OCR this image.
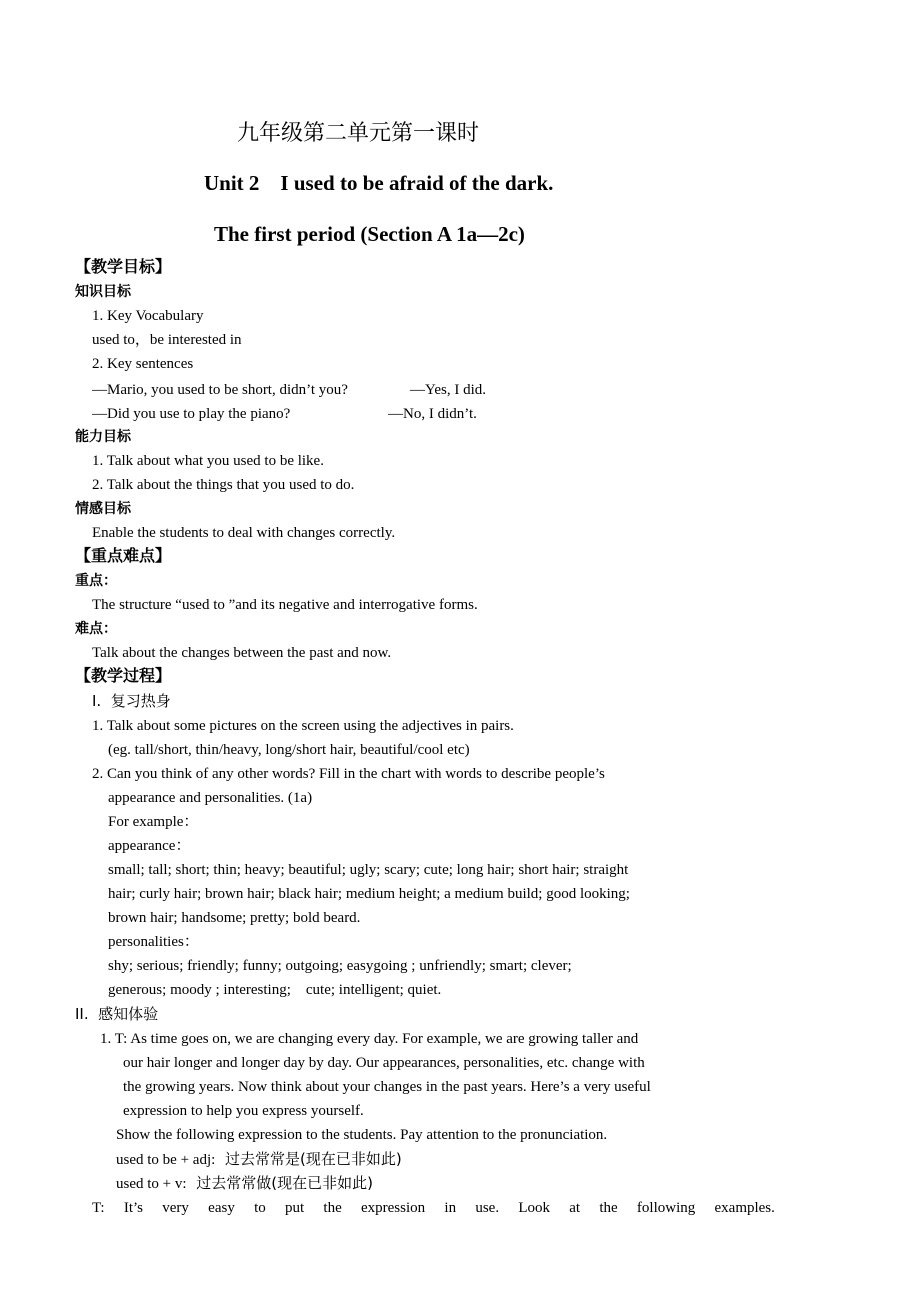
九年级第二单元第一课时
Unit 2    I used to be afraid of the dark.
The first period (Section A 1a—2c)
【教学目标】
知识目标
1. Key Vocabulary
used to，be interested in
2. Key sentences
—Mario, you used to be short, didn’t you?	—Yes, I did.
—Did you use to play the piano?	—No, I didn’t.
能力目标
1. Talk about what you used to be like.
2. Talk about the things that you used to do.
情感目标
Enable the students to deal with changes correctly.
【重点难点】
重点：
The structure “used to ”and its negative and interrogative forms.
难点：
Talk about the changes between the past and now.
【教学过程】
I.  复习热身
1. Talk about some pictures on the screen using the adjectives in pairs.
(eg. tall/short, thin/heavy, long/short hair, beautiful/cool etc)
2. Can you think of any other words? Fill in the chart with words to describe people’s
appearance and personalities. (1a)
For example：
appearance：
small; tall; short; thin; heavy; beautiful; ugly; scary; cute; long hair; short hair; straight
hair; curly hair; brown hair; black hair; medium height; a medium build; good looking;
brown hair; handsome; pretty; bold beard.
personalities：
shy; serious; friendly; funny; outgoing; easygoing ; unfriendly; smart; clever;
generous; moody ; interesting;    cute; intelligent; quiet.
II.  感知体验
1. T: As time goes on, we are changing every day. For example, we are growing taller and
our hair longer and longer day by day. Our appearances, personalities, etc. change with
the growing years. Now think about your changes in the past years. Here’s a very useful
expression to help you express yourself.
Show the following expression to the students. Pay attention to the pronunciation.
used to be + adj: 过去常常是(现在已非如此)
used to + v: 过去常常做(现在已非如此)
T: It’s very easy to put the expression in use. Look at the following examples.
